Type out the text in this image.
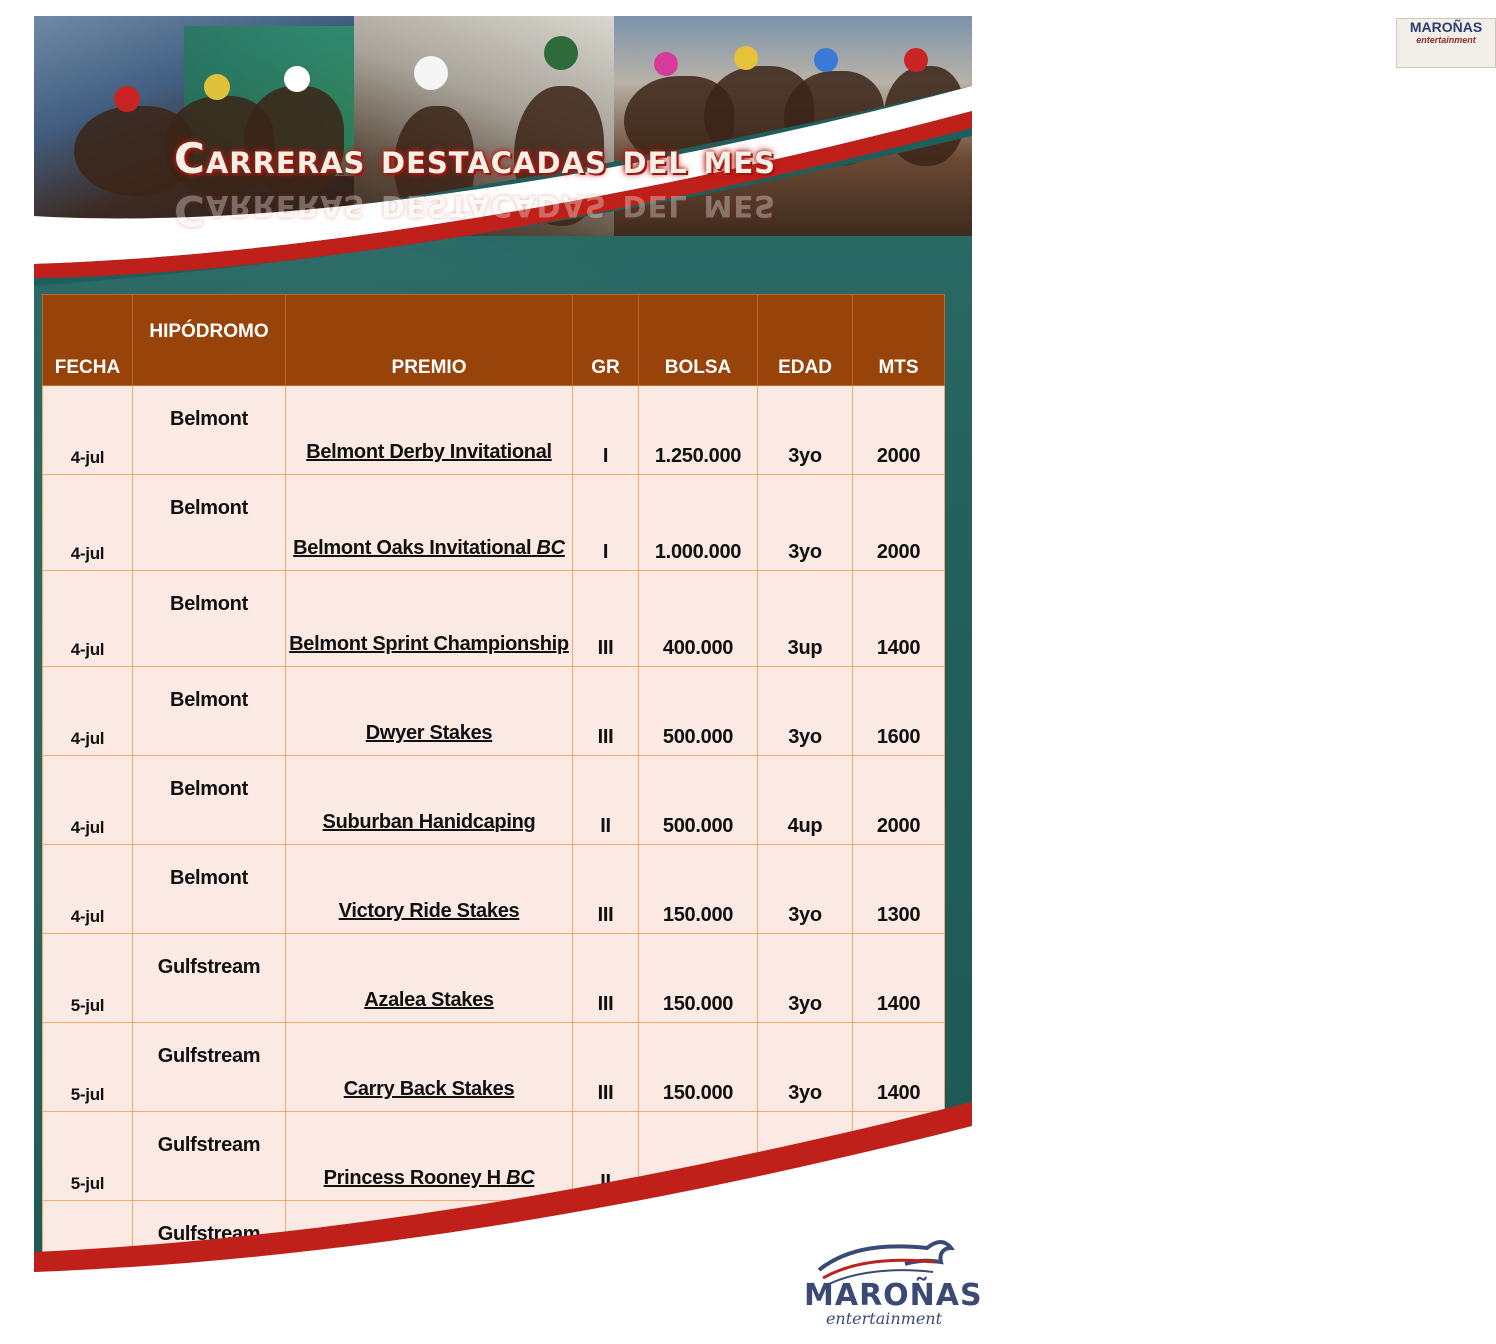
MAROÑAS
entertainment
Carreras destacadas del mes
Carreras destacadas del mes
FECHA	HIPÓDROMO	PREMIO	GR	BOLSA	EDAD	MTS
4-jul	Belmont	Belmont Derby Invitational	I	1.250.000	3yo	2000
4-jul	Belmont	Belmont Oaks Invitational BC	I	1.000.000	3yo	2000
4-jul	Belmont	Belmont Sprint Championship	III	400.000	3up	1400
4-jul	Belmont	Dwyer Stakes	III	500.000	3yo	1600
4-jul	Belmont	Suburban Hanidcaping	II	500.000	4up	2000
4-jul	Belmont	Victory Ride Stakes	III	150.000	3yo	1300
5-jul	Gulfstream	Azalea Stakes	III	150.000	3yo	1400
5-jul	Gulfstream	Carry Back Stakes	III	150.000	3yo	1400
5-jul	Gulfstream	Princess Rooney H BC	II			
	Gulfstream					
MAROÑAS
entertainment
